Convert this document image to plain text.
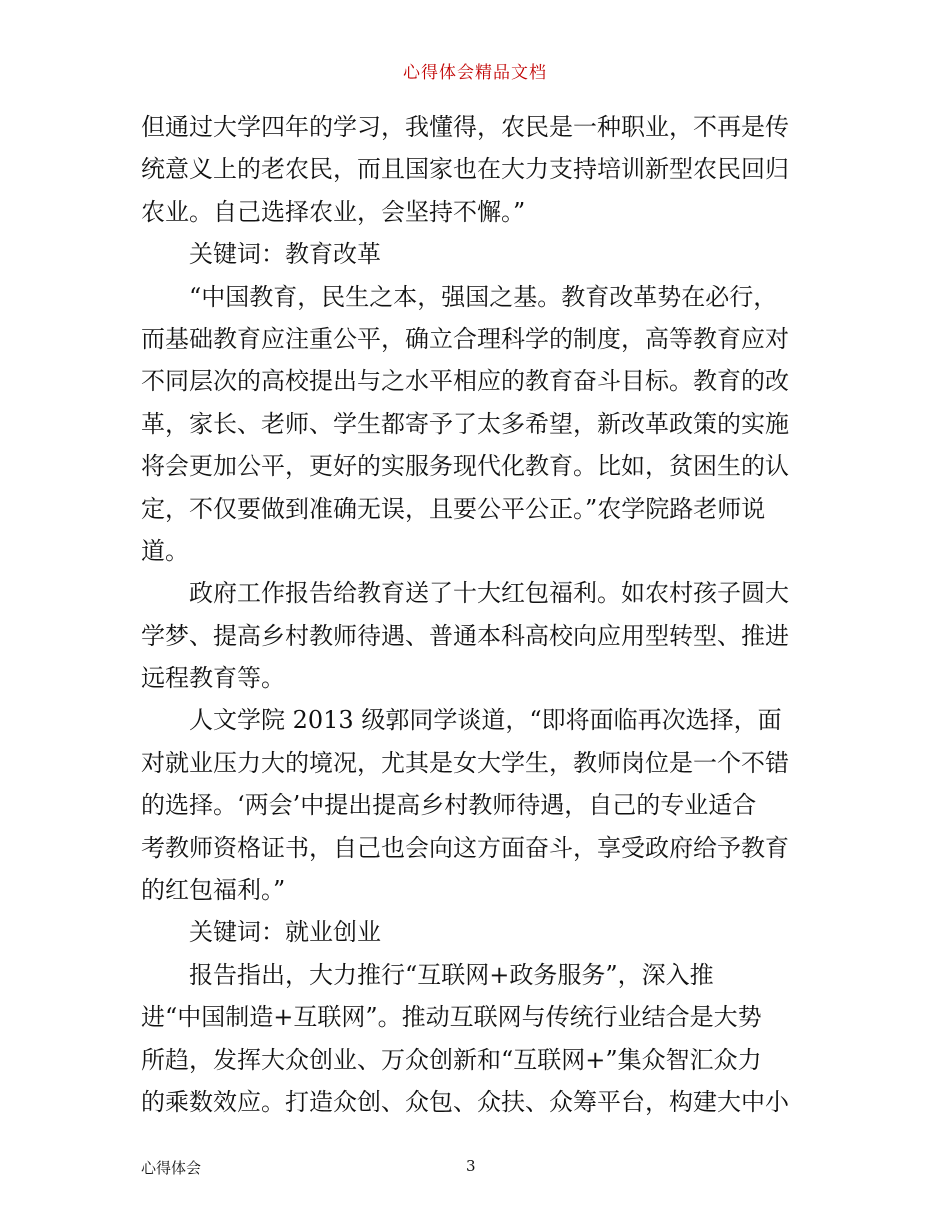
心得体会精品文档
但通过大学四年的学习，我懂得，农民是一种职业，不再是传
统意义上的老农民，而且国家也在大力支持培训新型农民回归
农业。自己选择农业，会坚持不懈。”
　　关键词：教育改革
　　“中国教育，民生之本，强国之基。教育改革势在必行，
而基础教育应注重公平，确立合理科学的制度，高等教育应对
不同层次的高校提出与之水平相应的教育奋斗目标。教育的改
革，家长、老师、学生都寄予了太多希望，新改革政策的实施
将会更加公平，更好的实服务现代化教育。比如，贫困生的认
定，不仅要做到准确无误，且要公平公正。”农学院路老师说
道。
　　政府工作报告给教育送了十大红包福利。如农村孩子圆大
学梦、提高乡村教师待遇、普通本科高校向应用型转型、推进
远程教育等。
　　人文学院 2013 级郭同学谈道，“即将面临再次选择，面
对就业压力大的境况，尤其是女大学生，教师岗位是一个不错
的选择。‘两会’中提出提高乡村教师待遇，自己的专业适合
考教师资格证书，自己也会向这方面奋斗，享受政府给予教育
的红包福利。”
　　关键词：就业创业
　　报告指出，大力推行“互联网+政务服务”，深入推
进“中国制造+互联网”。推动互联网与传统行业结合是大势
所趋，发挥大众创业、万众创新和“互联网+”集众智汇众力
的乘数效应。打造众创、众包、众扶、众筹平台，构建大中小
心得体会	3
